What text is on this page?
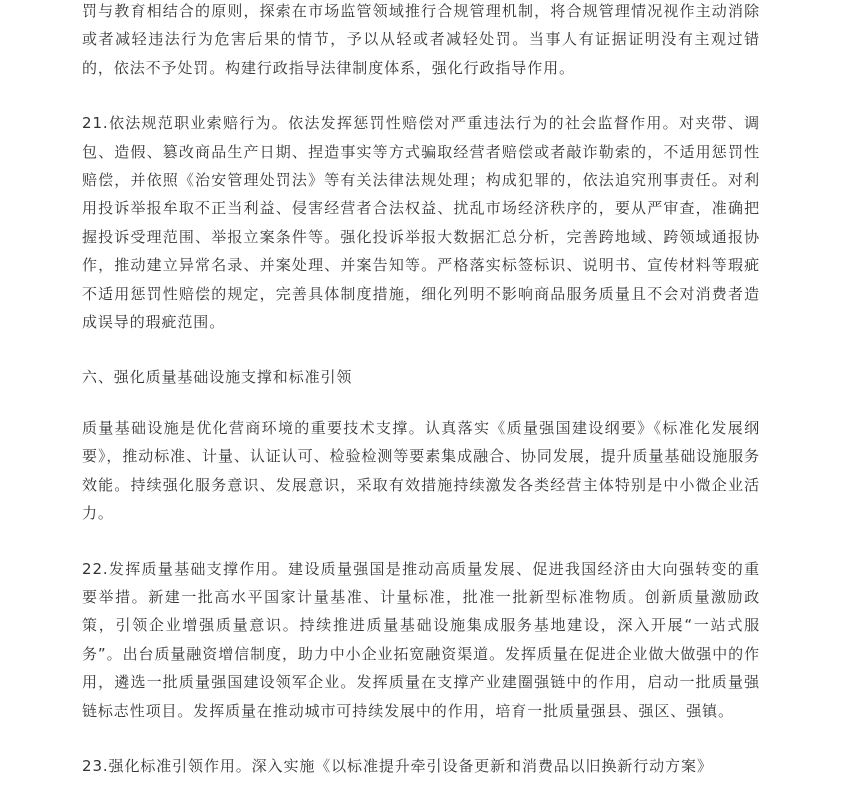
罚与教育相结合的原则，探索在市场监管领域推行合规管理机制，将合规管理情况视作主动消除或者减轻违法行为危害后果的情节，予以从轻或者减轻处罚。当事人有证据证明没有主观过错的，依法不予处罚。构建行政指导法律制度体系，强化行政指导作用。

21.依法规范职业索赔行为。依法发挥惩罚性赔偿对严重违法行为的社会监督作用。对夹带、调包、造假、篡改商品生产日期、捏造事实等方式骗取经营者赔偿或者敲诈勒索的，不适用惩罚性赔偿，并依照《治安管理处罚法》等有关法律法规处理；构成犯罪的，依法追究刑事责任。对利用投诉举报牟取不正当利益、侵害经营者合法权益、扰乱市场经济秩序的，要从严审查，准确把握投诉受理范围、举报立案条件等。强化投诉举报大数据汇总分析，完善跨地域、跨领域通报协作，推动建立异常名录、并案处理、并案告知等。严格落实标签标识、说明书、宣传材料等瑕疵不适用惩罚性赔偿的规定，完善具体制度措施，细化列明不影响商品服务质量且不会对消费者造成误导的瑕疵范围。

六、强化质量基础设施支撑和标准引领

质量基础设施是优化营商环境的重要技术支撑。认真落实《质量强国建设纲要》《标准化发展纲要》，推动标准、计量、认证认可、检验检测等要素集成融合、协同发展，提升质量基础设施服务效能。持续强化服务意识、发展意识，采取有效措施持续激发各类经营主体特别是中小微企业活力。

22.发挥质量基础支撑作用。建设质量强国是推动高质量发展、促进我国经济由大向强转变的重要举措。新建一批高水平国家计量基准、计量标准，批准一批新型标准物质。创新质量激励政策，引领企业增强质量意识。持续推进质量基础设施集成服务基地建设，深入开展“一站式服务”。出台质量融资增信制度，助力中小企业拓宽融资渠道。发挥质量在促进企业做大做强中的作用，遴选一批质量强国建设领军企业。发挥质量在支撑产业建圈强链中的作用，启动一批质量强链标志性项目。发挥质量在推动城市可持续发展中的作用，培育一批质量强县、强区、强镇。

23.强化标准引领作用。深入实施《以标准提升牵引设备更新和消费品以旧换新行动方案》
